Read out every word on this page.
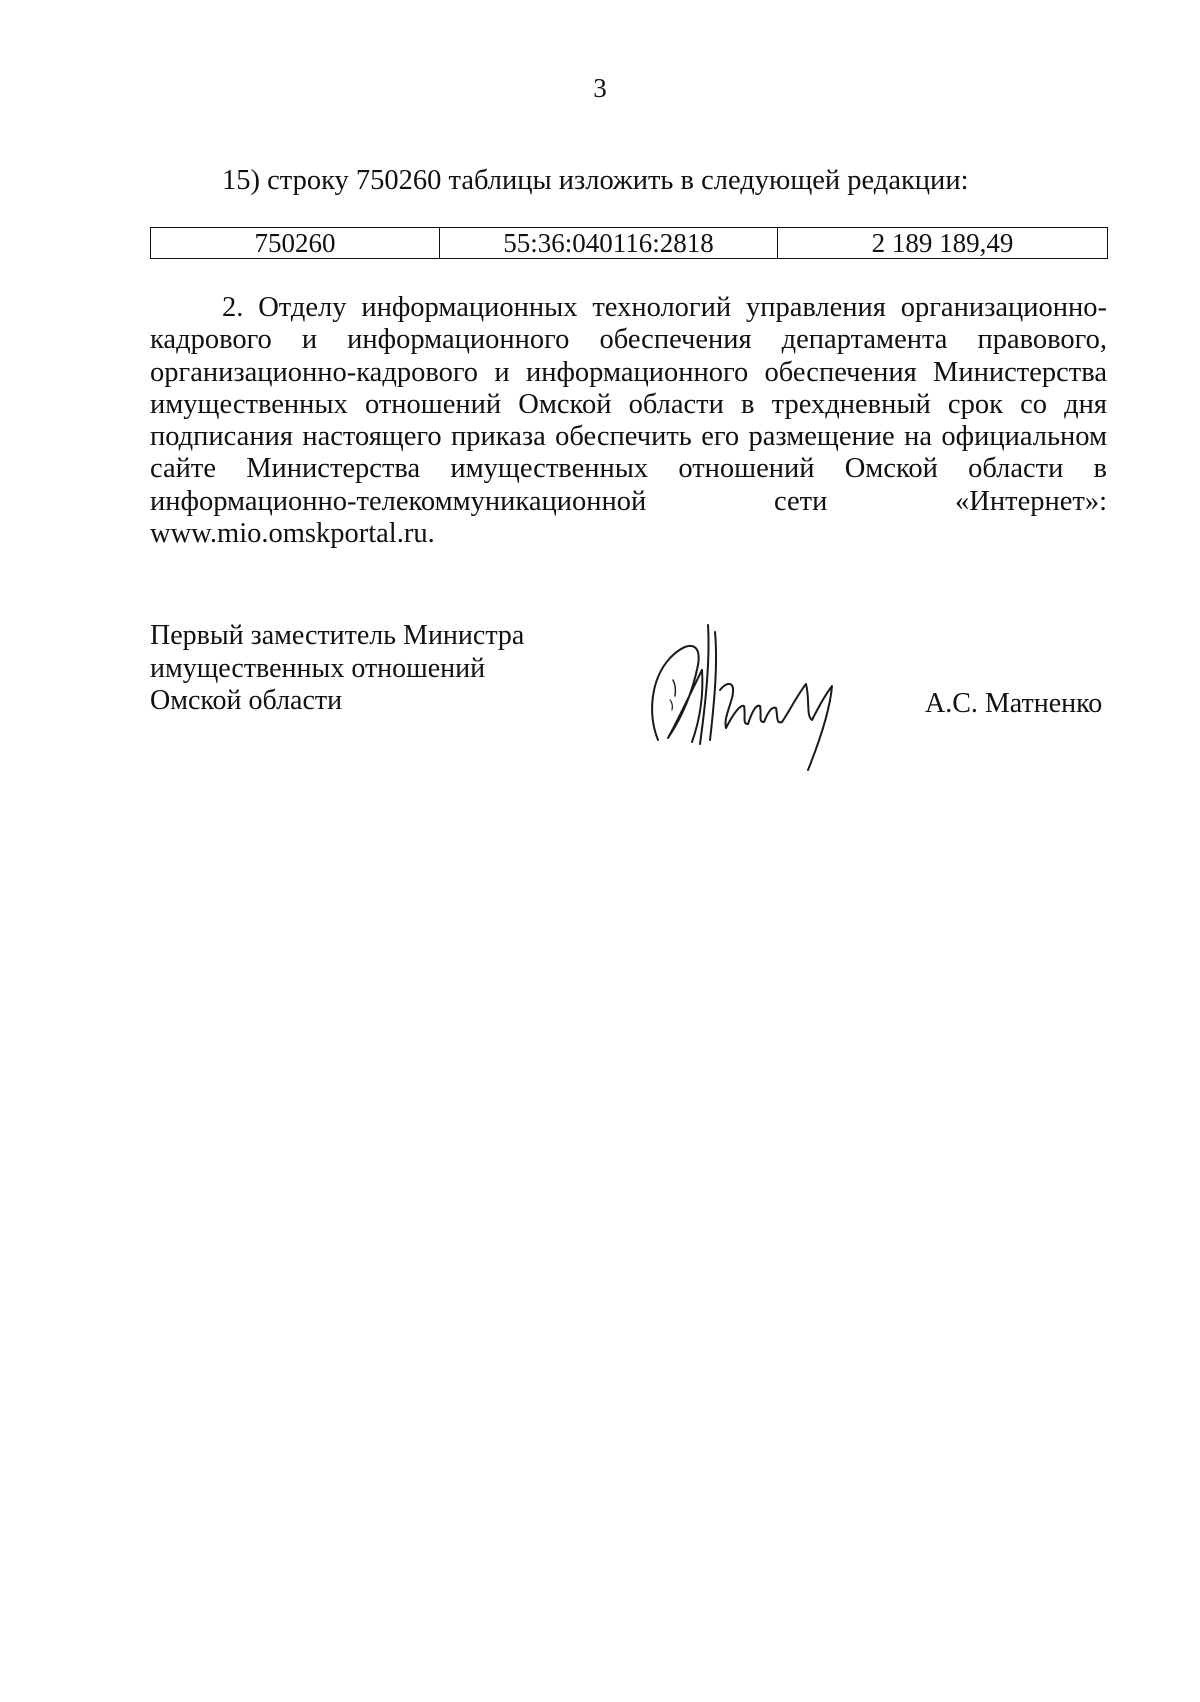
3
15) строку 750260 таблицы изложить в следующей редакции:
750260	55:36:040116:2818	2 189 189,49

2. Отделу информационных технологий управления организационно-кадрового и информационного обеспечения департамента правового, организационно-кадрового и информационного обеспечения Министерства имущественных отношений Омской области в трехдневный срок со дня подписания настоящего приказа обеспечить его размещение на официальном сайте Министерства имущественных отношений Омской области в информационно-телекоммуникационной сети «Интернет»: www.mio.omskportal.ru.

Первый заместитель Министра
имущественных отношений
Омской области	А.С. Матненко
